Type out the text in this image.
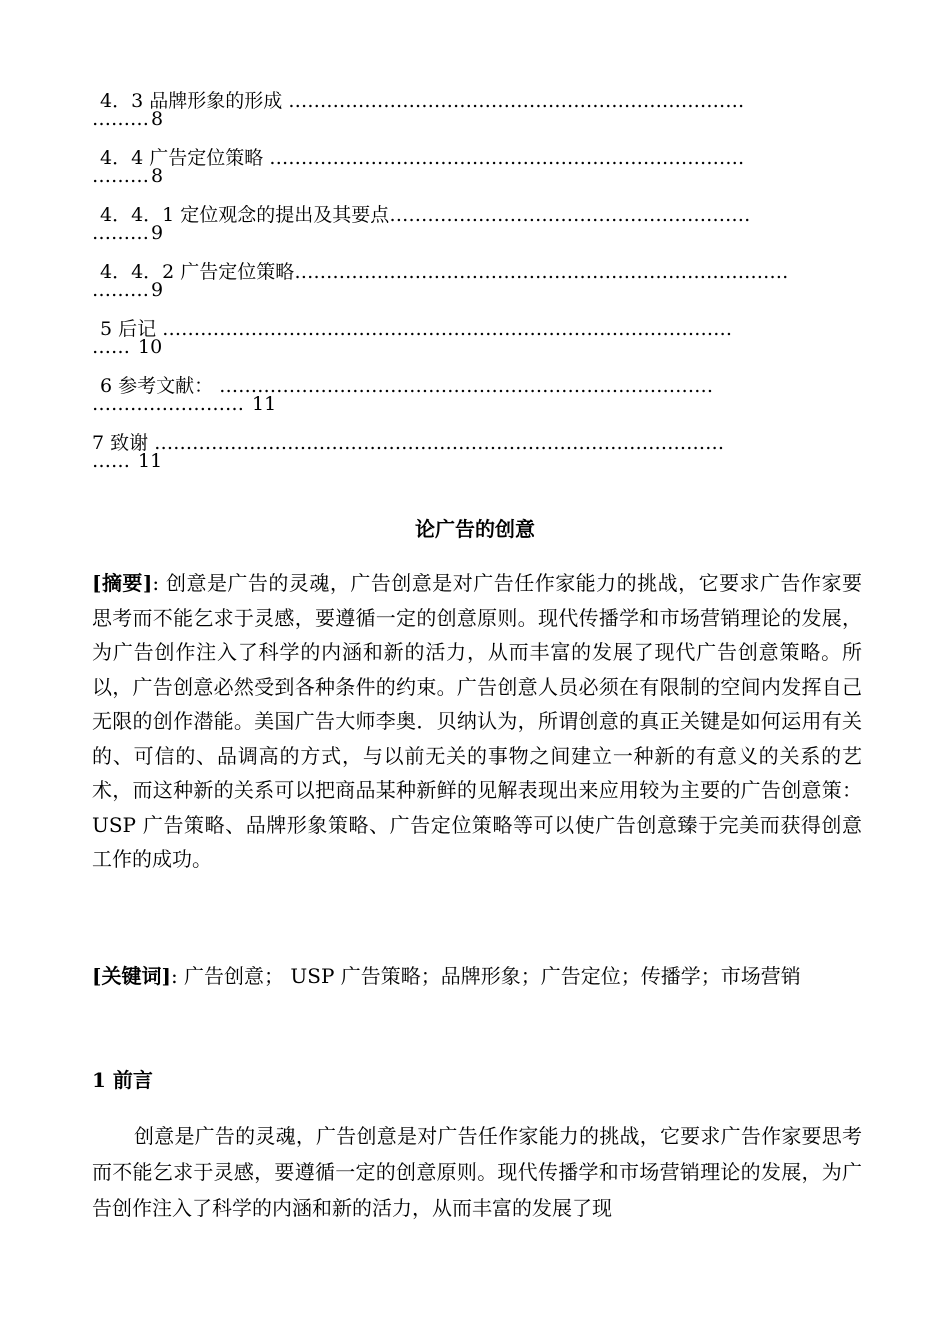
4．3 品牌形象的形成 ………………………………………………………………
……… 8
4．4 广告定位策略 …………………………………………………………………
……… 8
4．4．1 定位观念的提出及其要点…………………………………………………
……… 9
4．4．2 广告定位策略……………………………………………………………………
……… 9
5 后记 ………………………………………………………………………………
…… 10
6 参考文献： ……………………………………………………………………
…………………… 11
7 致谢 ………………………………………………………………………………
…… 11
论广告的创意
[摘要]: 创意是广告的灵魂，广告创意是对广告任作家能力的挑战，它要求广告作家要思考而不能乞求于灵感，要遵循一定的创意原则。现代传播学和市场营销理论的发展，为广告创作注入了科学的内涵和新的活力，从而丰富的发展了现代广告创意策略。所以，广告创意必然受到各种条件的约束。广告创意人员必须在有限制的空间内发挥自己无限的创作潜能。美国广告大师李奥．贝纳认为，所谓创意的真正关键是如何运用有关的、可信的、品调高的方式，与以前无关的事物之间建立一种新的有意义的关系的艺术，而这种新的关系可以把商品某种新鲜的见解表现出来应用较为主要的广告创意策： USP 广告策略、品牌形象策略、广告定位策略等可以使广告创意臻于完美而获得创意工作的成功。
[关键词]: 广告创意； USP 广告策略；品牌形象；广告定位；传播学；市场营销
1 前言
创意是广告的灵魂，广告创意是对广告任作家能力的挑战，它要求广告作家要思考而不能乞求于灵感，要遵循一定的创意原则。现代传播学和市场营销理论的发展，为广告创作注入了科学的内涵和新的活力，从而丰富的发展了现
